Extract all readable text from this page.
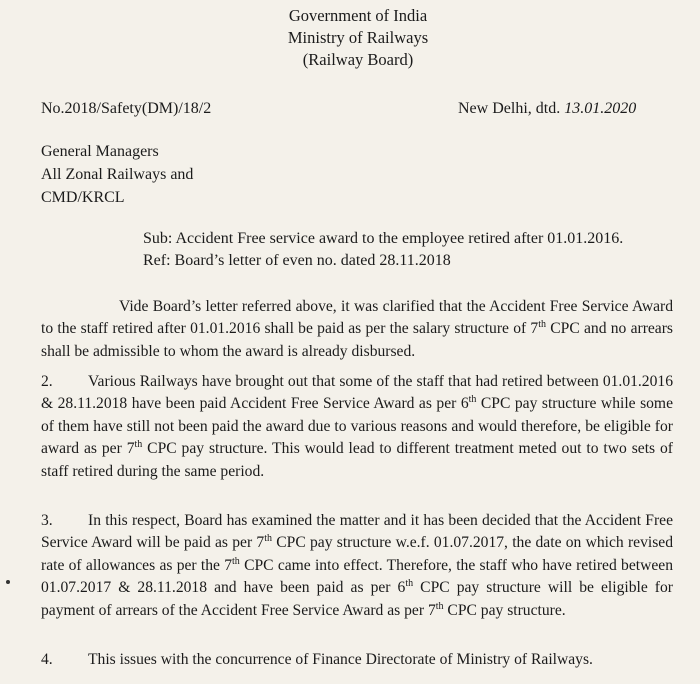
Government of India
Ministry of Railways
(Railway Board)
No.2018/Safety(DM)/18/2	New Delhi, dtd. 13.01.2020
General Managers
All Zonal Railways and
CMD/KRCL
Sub: Accident Free service award to the employee retired after 01.01.2016.
Ref: Board’s letter of even no. dated 28.11.2018
Vide Board’s letter referred above, it was clarified that the Accident Free Service Award to the staff retired after 01.01.2016 shall be paid as per the salary structure of 7th CPC and no arrears shall be admissible to whom the award is already disbursed.
2. Various Railways have brought out that some of the staff that had retired between 01.01.2016 & 28.11.2018 have been paid Accident Free Service Award as per 6th CPC pay structure while some of them have still not been paid the award due to various reasons and would therefore, be eligible for award as per 7th CPC pay structure. This would lead to different treatment meted out to two sets of staff retired during the same period.
3. In this respect, Board has examined the matter and it has been decided that the Accident Free Service Award will be paid as per 7th CPC pay structure w.e.f. 01.07.2017, the date on which revised rate of allowances as per the 7th CPC came into effect. Therefore, the staff who have retired between 01.07.2017 & 28.11.2018 and have been paid as per 6th CPC pay structure will be eligible for payment of arrears of the Accident Free Service Award as per 7th CPC pay structure.
4. This issues with the concurrence of Finance Directorate of Ministry of Railways.
